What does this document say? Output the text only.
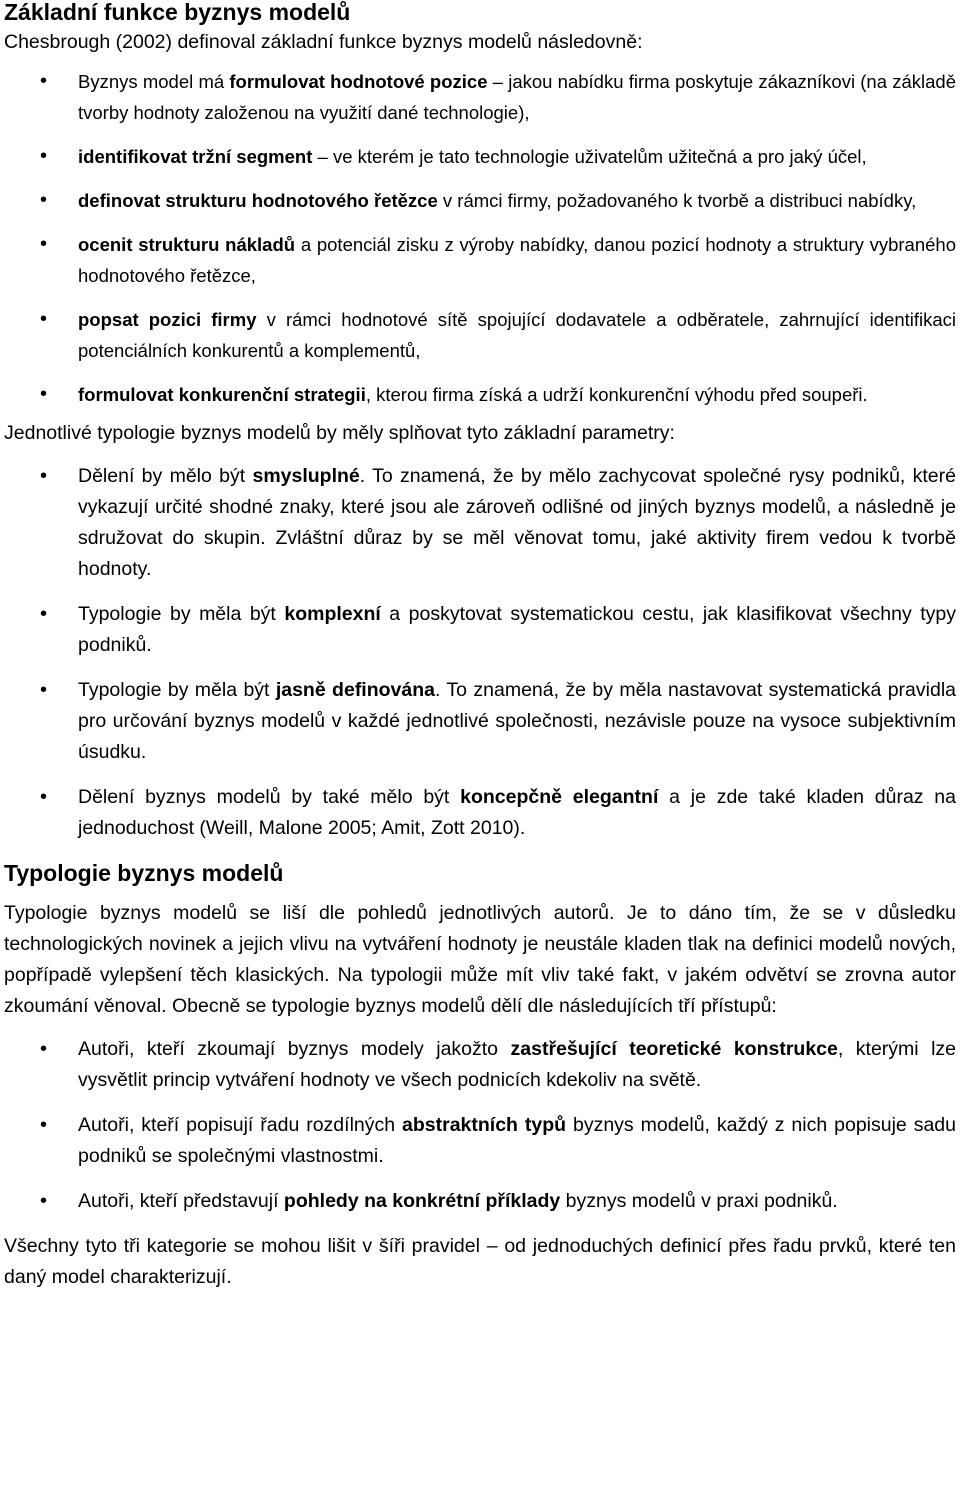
Základní funkce byznys modelů

Chesbrough (2002) definoval základní funkce byznys modelů následovně:

• Byznys model má formulovat hodnotové pozice – jakou nabídku firma poskytuje zákazníkovi (na základě tvorby hodnoty založenou na využití dané technologie),
• identifikovat tržní segment – ve kterém je tato technologie uživatelům užitečná a pro jaký účel,
• definovat strukturu hodnotového řetězce v rámci firmy, požadovaného k tvorbě a distribuci nabídky,
• ocenit strukturu nákladů a potenciál zisku z výroby nabídky, danou pozicí hodnoty a struktury vybraného hodnotového řetězce,
• popsat pozici firmy v rámci hodnotové sítě spojující dodavatele a odběratele, zahrnující identifikaci potenciálních konkurentů a komplementů,
• formulovat konkurenční strategii, kterou firma získá a udrží konkurenční výhodu před soupeři.

Jednotlivé typologie byznys modelů by měly splňovat tyto základní parametry:

• Dělení by mělo být smysluplné. To znamená, že by mělo zachycovat společné rysy podniků, které vykazují určité shodné znaky, které jsou ale zároveň odlišné od jiných byznys modelů, a následně je sdružovat do skupin. Zvláštní důraz by se měl věnovat tomu, jaké aktivity firem vedou k tvorbě hodnoty.
• Typologie by měla být komplexní a poskytovat systematickou cestu, jak klasifikovat všechny typy podniků.
• Typologie by měla být jasně definována. To znamená, že by měla nastavovat systematická pravidla pro určování byznys modelů v každé jednotlivé společnosti, nezávisle pouze na vysoce subjektivním úsudku.
• Dělení byznys modelů by také mělo být koncepčně elegantní a je zde také kladen důraz na jednoduchost (Weill, Malone 2005; Amit, Zott 2010).
Typologie byznys modelů

Typologie byznys modelů se liší dle pohledů jednotlivých autorů. Je to dáno tím, že se v důsledku technologických novinek a jejich vlivu na vytváření hodnoty je neustále kladen tlak na definici modelů nových, popřípadě vylepšení těch klasických. Na typologii může mít vliv také fakt, v jakém odvětví se zrovna autor zkoumání věnoval. Obecně se typologie byznys modelů dělí dle následujících tří přístupů:

• Autoři, kteří zkoumají byznys modely jakožto zastřešující teoretické konstrukce, kterými lze vysvětlit princip vytváření hodnoty ve všech podnicích kdekoliv na světě.
• Autoři, kteří popisují řadu rozdílných abstraktních typů byznys modelů, každý z nich popisuje sadu podniků se společnými vlastnostmi.
• Autoři, kteří představují pohledy na konkrétní příklady byznys modelů v praxi podniků.

Všechny tyto tři kategorie se mohou lišit v šíři pravidel – od jednoduchých definicí přes řadu prvků, které ten daný model charakterizují.
